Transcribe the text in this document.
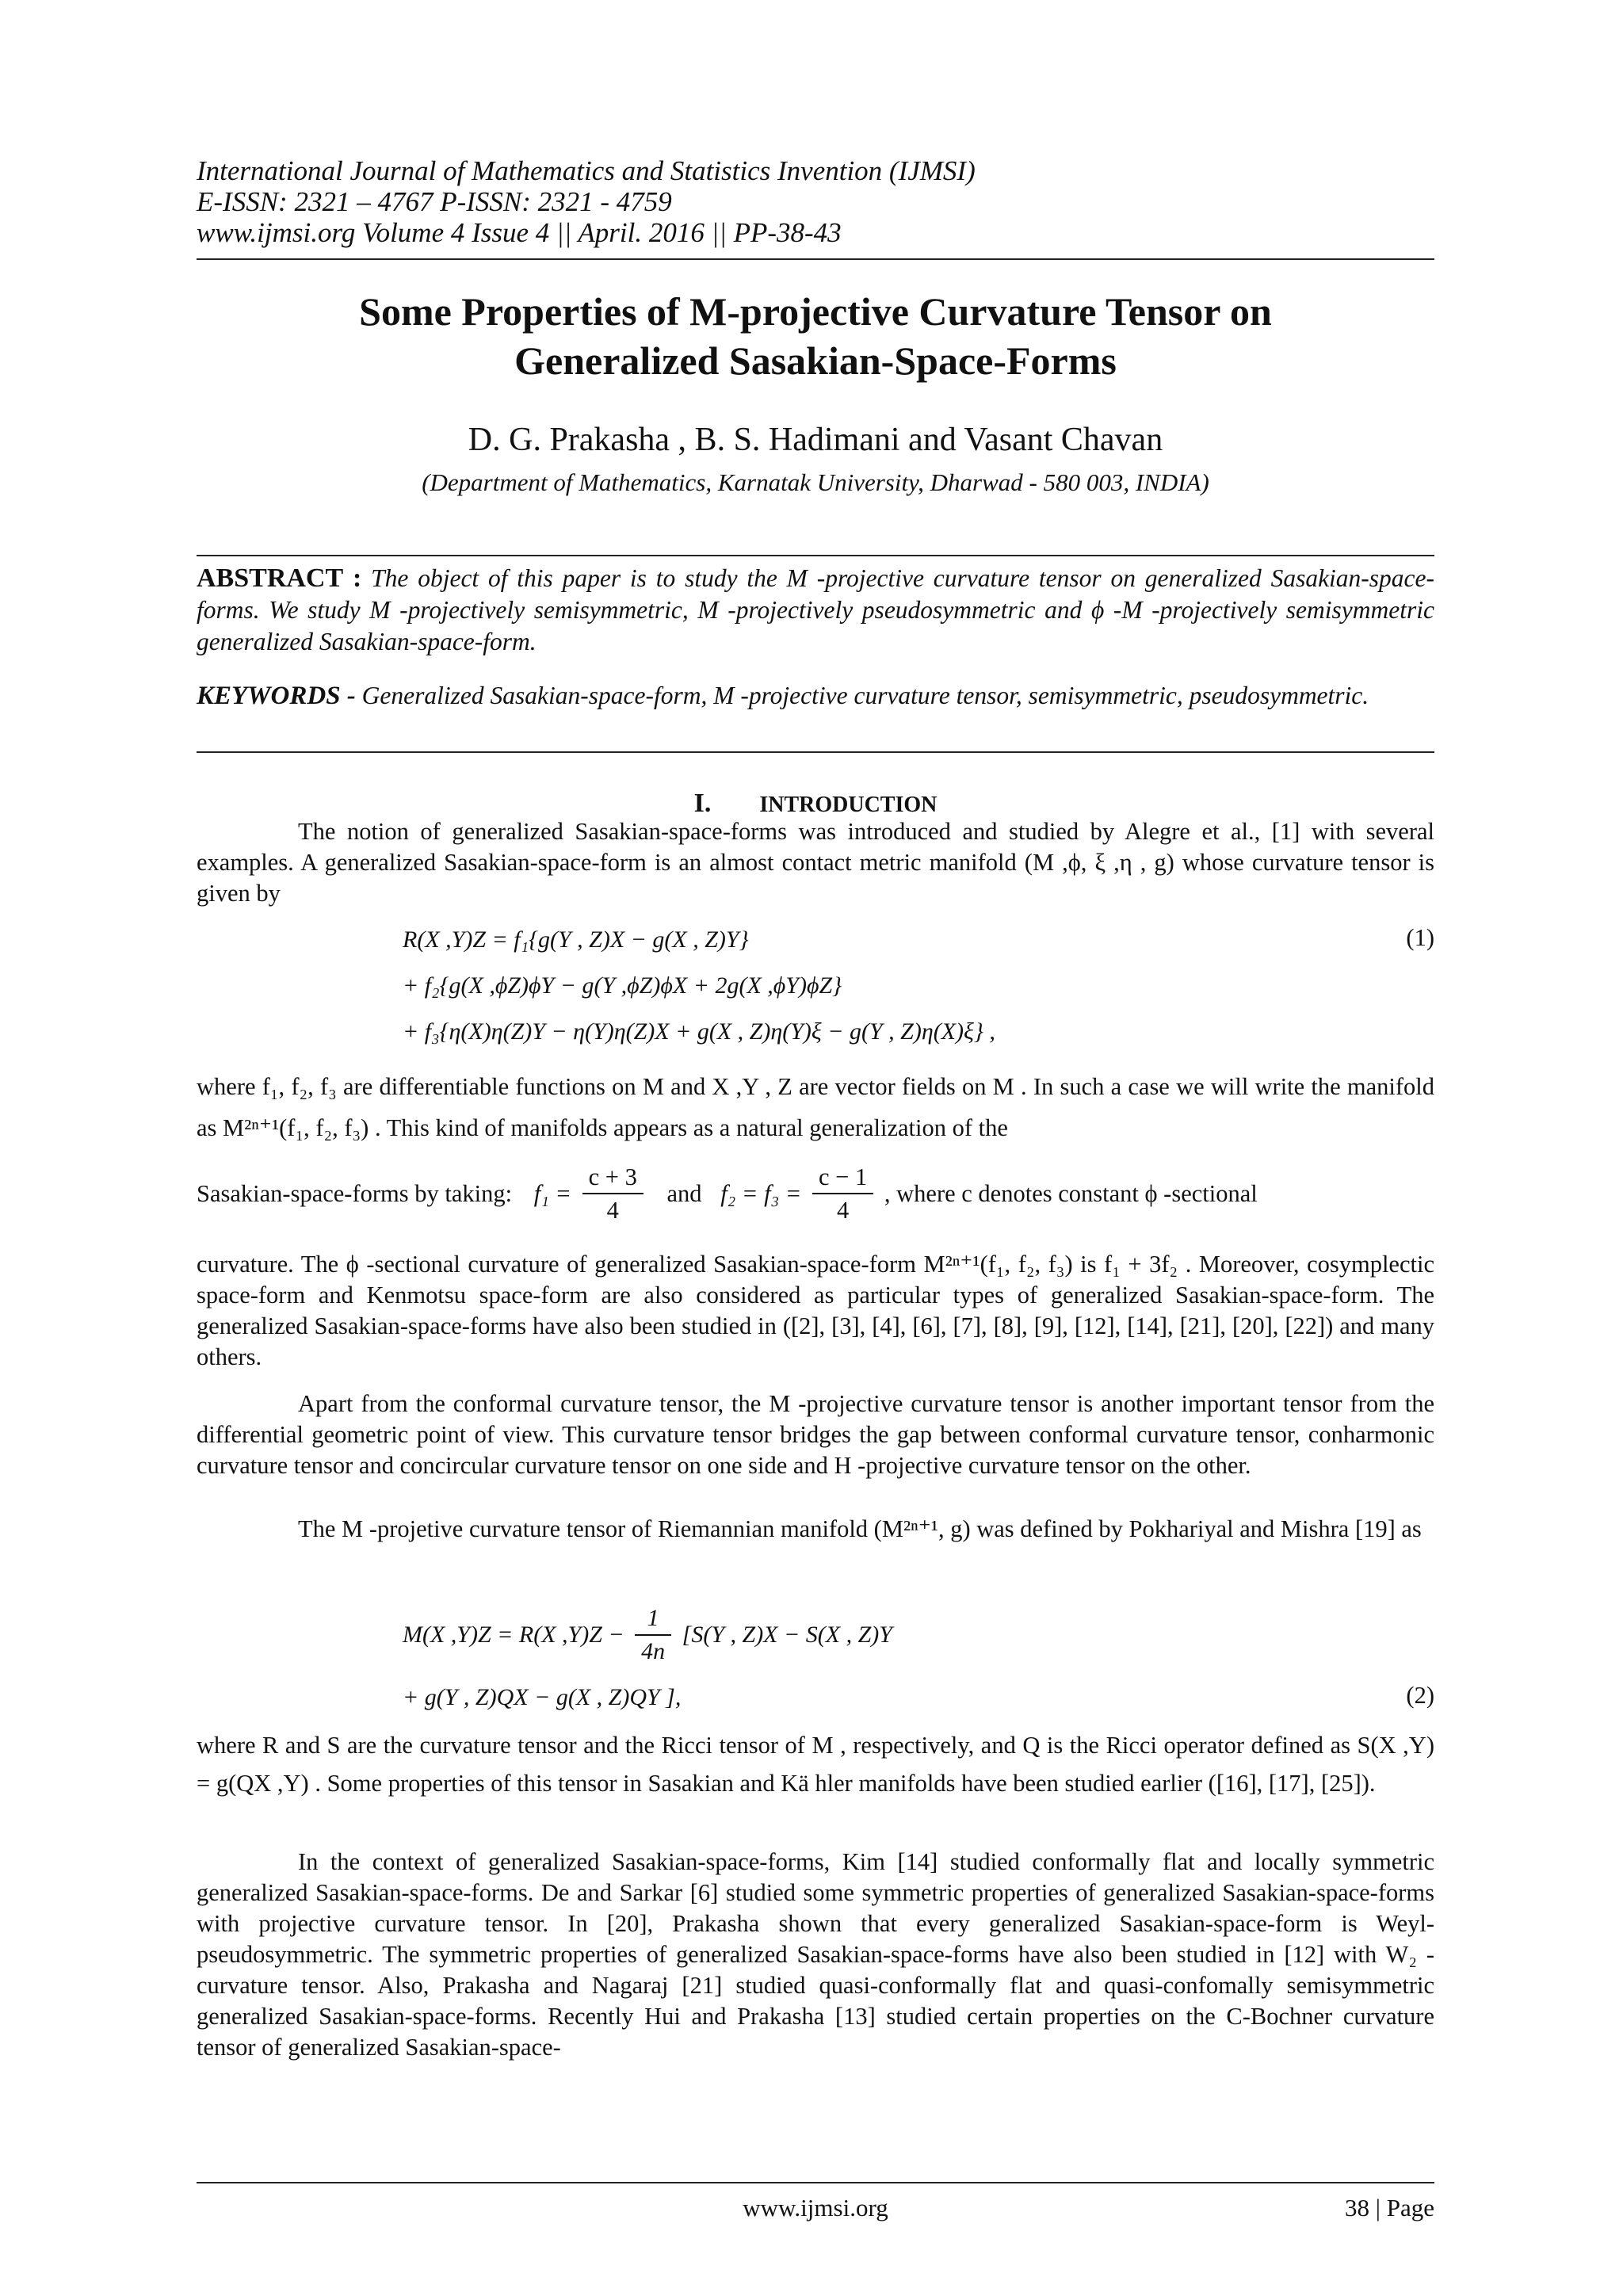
International Journal of Mathematics and Statistics Invention (IJMSI)
E-ISSN: 2321 – 4767 P-ISSN: 2321 - 4759
www.ijmsi.org Volume 4 Issue 4 || April. 2016 || PP-38-43
Some Properties of M-projective Curvature Tensor on
Generalized Sasakian-Space-Forms
D. G. Prakasha , B. S. Hadimani and Vasant Chavan
(Department of Mathematics, Karnatak University, Dharwad - 580 003, INDIA)
ABSTRACT : The object of this paper is to study the M -projective curvature tensor on generalized Sasakian-space-forms. We study M -projectively semisymmetric, M -projectively pseudosymmetric and ϕ -M -projectively semisymmetric generalized Sasakian-space-form.
KEYWORDS - Generalized Sasakian-space-form, M -projective curvature tensor, semisymmetric, pseudosymmetric.
I. INTRODUCTION
The notion of generalized Sasakian-space-forms was introduced and studied by Alegre et al., [1] with several examples. A generalized Sasakian-space-form is an almost contact metric manifold (M ,ϕ, ξ ,η , g) whose curvature tensor is given by
R(X ,Y)Z = f₁{g(Y , Z)X − g(X , Z)Y}	(1)
+ f₂{g(X ,ϕZ)ϕY − g(Y ,ϕZ)ϕX + 2g(X ,ϕY)ϕZ}
+ f₃{η(X)η(Z)Y − η(Y)η(Z)X + g(X , Z)η(Y)ξ − g(Y , Z)η(X)ξ} ,
where f₁, f₂, f₃ are differentiable functions on M and X ,Y , Z are vector fields on M . In such a case we will write the manifold as M²ⁿ⁺¹(f₁, f₂, f₃) . This kind of manifolds appears as a natural generalization of the
Sasakian-space-forms by taking: $f_1 = \frac{c + 3}{4}$ and $f_2 = f_3 = \frac{c - 1}{4}$ , where c denotes constant ϕ -sectional
curvature. The ϕ -sectional curvature of generalized Sasakian-space-form M²ⁿ⁺¹(f₁, f₂, f₃) is f₁ + 3f₂ . Moreover, cosymplectic space-form and Kenmotsu space-form are also considered as particular types of generalized Sasakian-space-form. The generalized Sasakian-space-forms have also been studied in ([2], [3], [4], [6], [7], [8], [9], [12], [14], [21], [20], [22]) and many others.
Apart from the conformal curvature tensor, the M -projective curvature tensor is another important tensor from the differential geometric point of view. This curvature tensor bridges the gap between conformal curvature tensor, conharmonic curvature tensor and concircular curvature tensor on one side and H -projective curvature tensor on the other.
The M -projetive curvature tensor of Riemannian manifold (M²ⁿ⁺¹, g) was defined by Pokhariyal and Mishra [19] as
M(X ,Y)Z = R(X $,Y)Z - \frac{1}{4n} [S(Y$ , Z)X − S(X , Z)Y
+ g(Y , Z)QX − g(X , Z)QY ],	(2)
where R and S are the curvature tensor and the Ricci tensor of M , respectively, and Q is the Ricci operator defined as S(X ,Y) = g(QX ,Y) . Some properties of this tensor in Sasakian and Kä hler manifolds have been studied earlier ([16], [17], [25]).
In the context of generalized Sasakian-space-forms, Kim [14] studied conformally flat and locally symmetric generalized Sasakian-space-forms. De and Sarkar [6] studied some symmetric properties of generalized Sasakian-space-forms with projective curvature tensor. In [20], Prakasha shown that every generalized Sasakian-space-form is Weyl-pseudosymmetric. The symmetric properties of generalized Sasakian-space-forms have also been studied in [12] with W₂ -curvature tensor. Also, Prakasha and Nagaraj [21] studied quasi-conformally flat and quasi-confomally semisymmetric generalized Sasakian-space-forms. Recently Hui and Prakasha [13] studied certain properties on the C-Bochner curvature tensor of generalized Sasakian-space-
www.ijmsi.org	38 | Page
